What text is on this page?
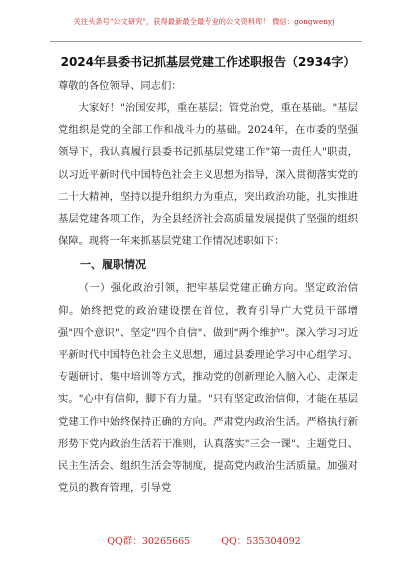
关注头条号"公文研究"，获得最新最全最专业的公文资料库！ 微信：gongwenyj
2024年县委书记抓基层党建工作述职报告（2934字）

尊敬的各位领导、同志们：

大家好！"治国安邦，重在基层；管党治党，重在基础。"基层党组织是党的全部工作和战斗力的基础。2024年，在市委的坚强领导下，我认真履行县委书记抓基层党建工作"第一责任人"职责，以习近平新时代中国特色社会主义思想为指导，深入贯彻落实党的二十大精神，坚持以提升组织力为重点，突出政治功能，扎实推进基层党建各项工作，为全县经济社会高质量发展提供了坚强的组织保障。现将一年来抓基层党建工作情况述职如下：

一、履职情况

（一）强化政治引领，把牢基层党建正确方向。坚定政治信仰。始终把党的政治建设摆在首位，教育引导广大党员干部增强"四个意识"、坚定"四个自信"、做到"两个维护"。深入学习习近平新时代中国特色社会主义思想，通过县委理论学习中心组学习、专题研讨、集中培训等方式，推动党的创新理论入脑入心、走深走实。"心中有信仰，脚下有力量。"只有坚定政治信仰，才能在基层党建工作中始终保持正确的方向。严肃党内政治生活。严格执行新形势下党内政治生活若干准则，认真落实"三会一课"、主题党日、民主生活会、组织生活会等制度，提高党内政治生活质量。加强对党员的教育管理，引导党

QQ群：30265665	QQ：535304092
